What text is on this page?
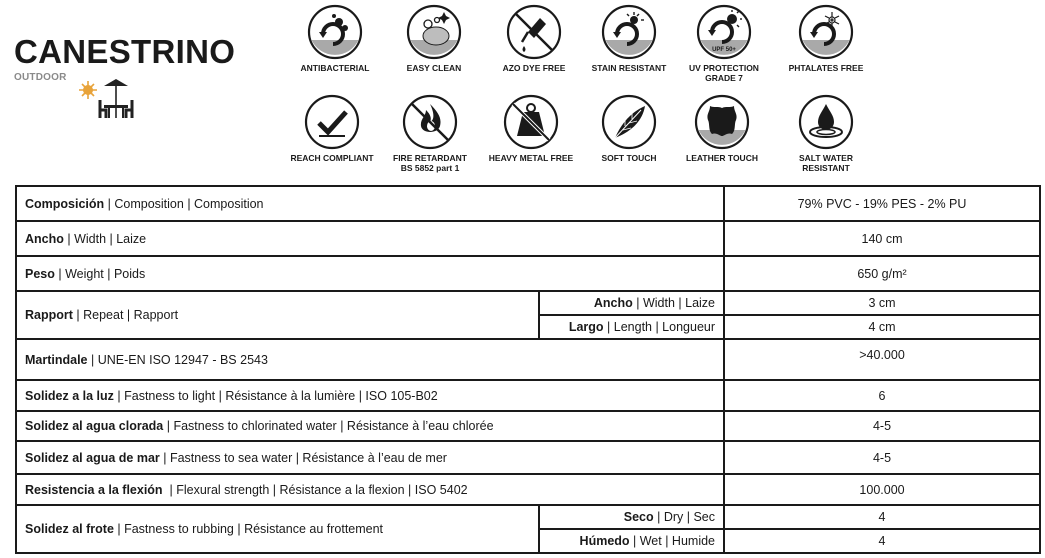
CANESTRINO
OUTDOOR
ANTIBACTERIAL	EASY CLEAN	AZO DYE FREE	STAIN RESISTANT
UPF 50+
UV PROTECTION
GRADE 7
PHTALATES FREE
REACH COMPLIANT	FIRE RETARDANT
BS 5852 part 1
HEAVY METAL FREE	SOFT TOUCH	LEATHER TOUCH	SALT WATER
RESISTANT
Composición | Composition | Composition		79% PVC - 19% PES - 2% PU
Ancho | Width | Laize		140 cm
Peso | Weight | Poids		650 g/m²
Rapport | Repeat | Rapport	Ancho | Width | Laize	3 cm
	Largo | Length | Longueur	4 cm
Martindale | UNE-EN ISO 12947 - BS 2543		>40.000
Solidez a la luz | Fastness to light | Résistance à la lumière | ISO 105-B02		6
Solidez al agua clorada | Fastness to chlorinated water | Résistance à l’eau chlorée		4-5
Solidez al agua de mar | Fastness to sea water | Résistance à l’eau de mer		4-5
Resistencia a la flexión  | Flexural strength | Résistance a la flexion | ISO 5402		100.000
Solidez al frote | Fastness to rubbing | Résistance au frottement	Seco | Dry | Sec	4
	Húmedo | Wet | Humide	4
